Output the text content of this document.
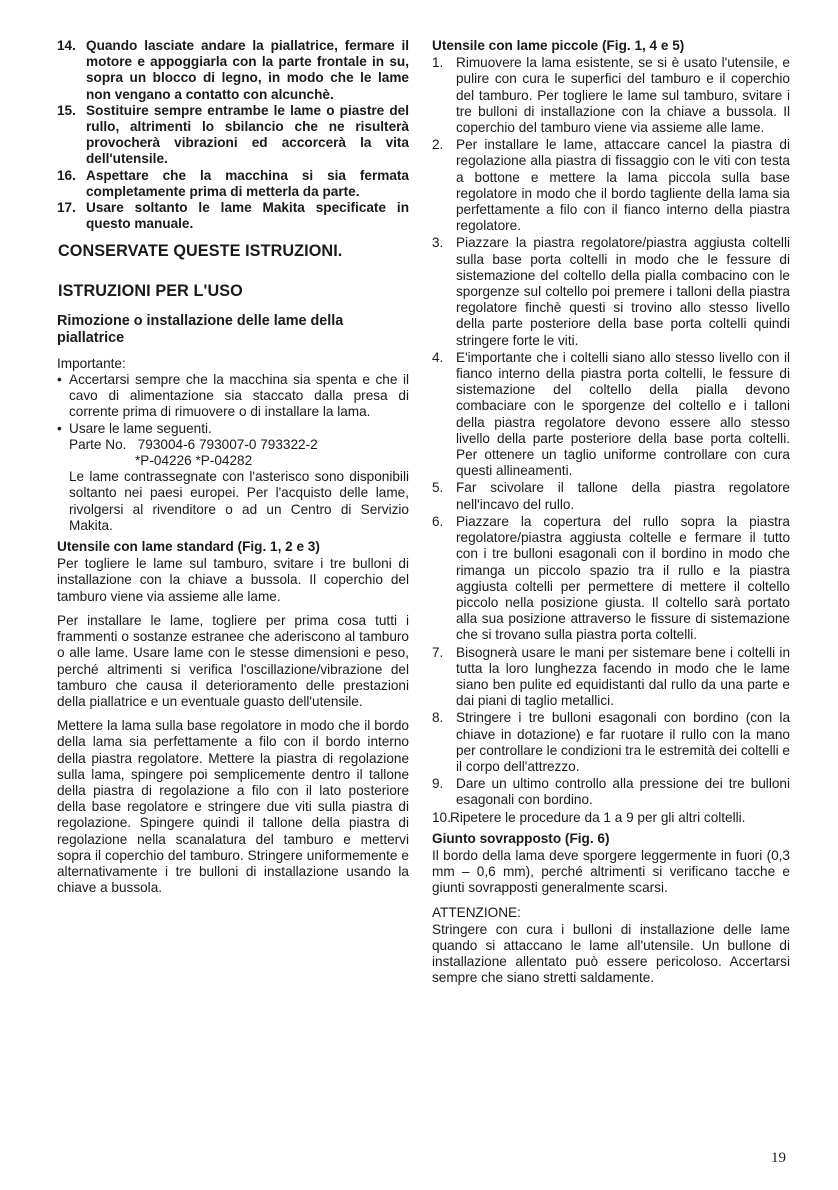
14. Quando lasciate andare la piallatrice, fermare il motore e appoggiarla con la parte frontale in su, sopra un blocco di legno, in modo che le lame non vengano a contatto con alcunchè.
15. Sostituire sempre entrambe le lame o piastre del rullo, altrimenti lo sbilancio che ne risulterà provocherà vibrazioni ed accorcerà la vita dell'utensile.
16. Aspettare che la macchina si sia fermata completamente prima di metterla da parte.
17. Usare soltanto le lame Makita specificate in questo manuale.
CONSERVATE QUESTE ISTRUZIONI.
ISTRUZIONI PER L'USO
Rimozione o installazione delle lame della piallatrice
Importante:
• Accertarsi sempre che la macchina sia spenta e che il cavo di alimentazione sia staccato dalla presa di corrente prima di rimuovere o di installare la lama.
• Usare le lame seguenti.
Parte No.   793004-6 793007-0 793322-2
*P-04226 *P-04282
Le lame contrassegnate con l'asterisco sono disponibili soltanto nei paesi europei. Per l'acquisto delle lame, rivolgersi al rivenditore o ad un Centro di Servizio Makita.
Utensile con lame standard (Fig. 1, 2 e 3)
Per togliere le lame sul tamburo, svitare i tre bulloni di installazione con la chiave a bussola. Il coperchio del tamburo viene via assieme alle lame.
Per installare le lame, togliere per prima cosa tutti i frammenti o sostanze estranee che aderiscono al tamburo o alle lame. Usare lame con le stesse dimensioni e peso, perché altrimenti si verifica l'oscillazione/vibrazione del tamburo che causa il deterioramento delle prestazioni della piallatrice e un eventuale guasto dell'utensile.
Mettere la lama sulla base regolatore in modo che il bordo della lama sia perfettamente a filo con il bordo interno della piastra regolatore. Mettere la piastra di regolazione sulla lama, spingere poi semplicemente dentro il tallone della piastra di regolazione a filo con il lato posteriore della base regolatore e stringere due viti sulla piastra di regolazione. Spingere quindi il tallone della piastra di regolazione nella scanalatura del tamburo e mettervi sopra il coperchio del tamburo. Stringere uniformemente e alternativamente i tre bulloni di installazione usando la chiave a bussola.
Utensile con lame piccole (Fig. 1, 4 e 5)
1. Rimuovere la lama esistente, se si è usato l'utensile, e pulire con cura le superfici del tamburo e il coperchio del tamburo. Per togliere le lame sul tamburo, svitare i tre bulloni di installazione con la chiave a bussola. Il coperchio del tamburo viene via assieme alle lame.
2. Per installare le lame, attaccare cancel la piastra di regolazione alla piastra di fissaggio con le viti con testa a bottone e mettere la lama piccola sulla base regolatore in modo che il bordo tagliente della lama sia perfettamente a filo con il fianco interno della piastra regolatore.
3. Piazzare la piastra regolatore/piastra aggiusta coltelli sulla base porta coltelli in modo che le fessure di sistemazione del coltello della pialla combacino con le sporgenze sul coltello poi premere i talloni della piastra regolatore finchè questi si trovino allo stesso livello della parte posteriore della base porta coltelli quindi stringere forte le viti.
4. E'importante che i coltelli siano allo stesso livello con il fianco interno della piastra porta coltelli, le fessure di sistemazione del coltello della pialla devono combaciare con le sporgenze del coltello e i talloni della piastra regolatore devono essere allo stesso livello della parte posteriore della base porta coltelli. Per ottenere un taglio uniforme controllare con cura questi allineamenti.
5. Far scivolare il tallone della piastra regolatore nell'incavo del rullo.
6. Piazzare la copertura del rullo sopra la piastra regolatore/piastra aggiusta coltelle e fermare il tutto con i tre bulloni esagonali con il bordino in modo che rimanga un piccolo spazio tra il rullo e la piastra aggiusta coltelli per permettere di mettere il coltello piccolo nella posizione giusta. Il coltello sarà portato alla sua posizione attraverso le fissure di sistemazione che si trovano sulla piastra porta coltelli.
7. Bisognerà usare le mani per sistemare bene i coltelli in tutta la loro lunghezza facendo in modo che le lame siano ben pulite ed equidistanti dal rullo da una parte e dai piani di taglio metallici.
8. Stringere i tre bulloni esagonali con bordino (con la chiave in dotazione) e far ruotare il rullo con la mano per controllare le condizioni tra le estremità dei coltelli e il corpo dell'attrezzo.
9. Dare un ultimo controllo alla pressione dei tre bulloni esagonali con bordino.
10. Ripetere le procedure da 1 a 9 per gli altri coltelli.
Giunto sovrapposto (Fig. 6)
Il bordo della lama deve sporgere leggermente in fuori (0,3 mm – 0,6 mm), perché altrimenti si verificano tacche e giunti sovrapposti generalmente scarsi.
ATTENZIONE:
Stringere con cura i bulloni di installazione delle lame quando si attaccano le lame all'utensile. Un bullone di installazione allentato può essere pericoloso. Accertarsi sempre che siano stretti saldamente.
19
